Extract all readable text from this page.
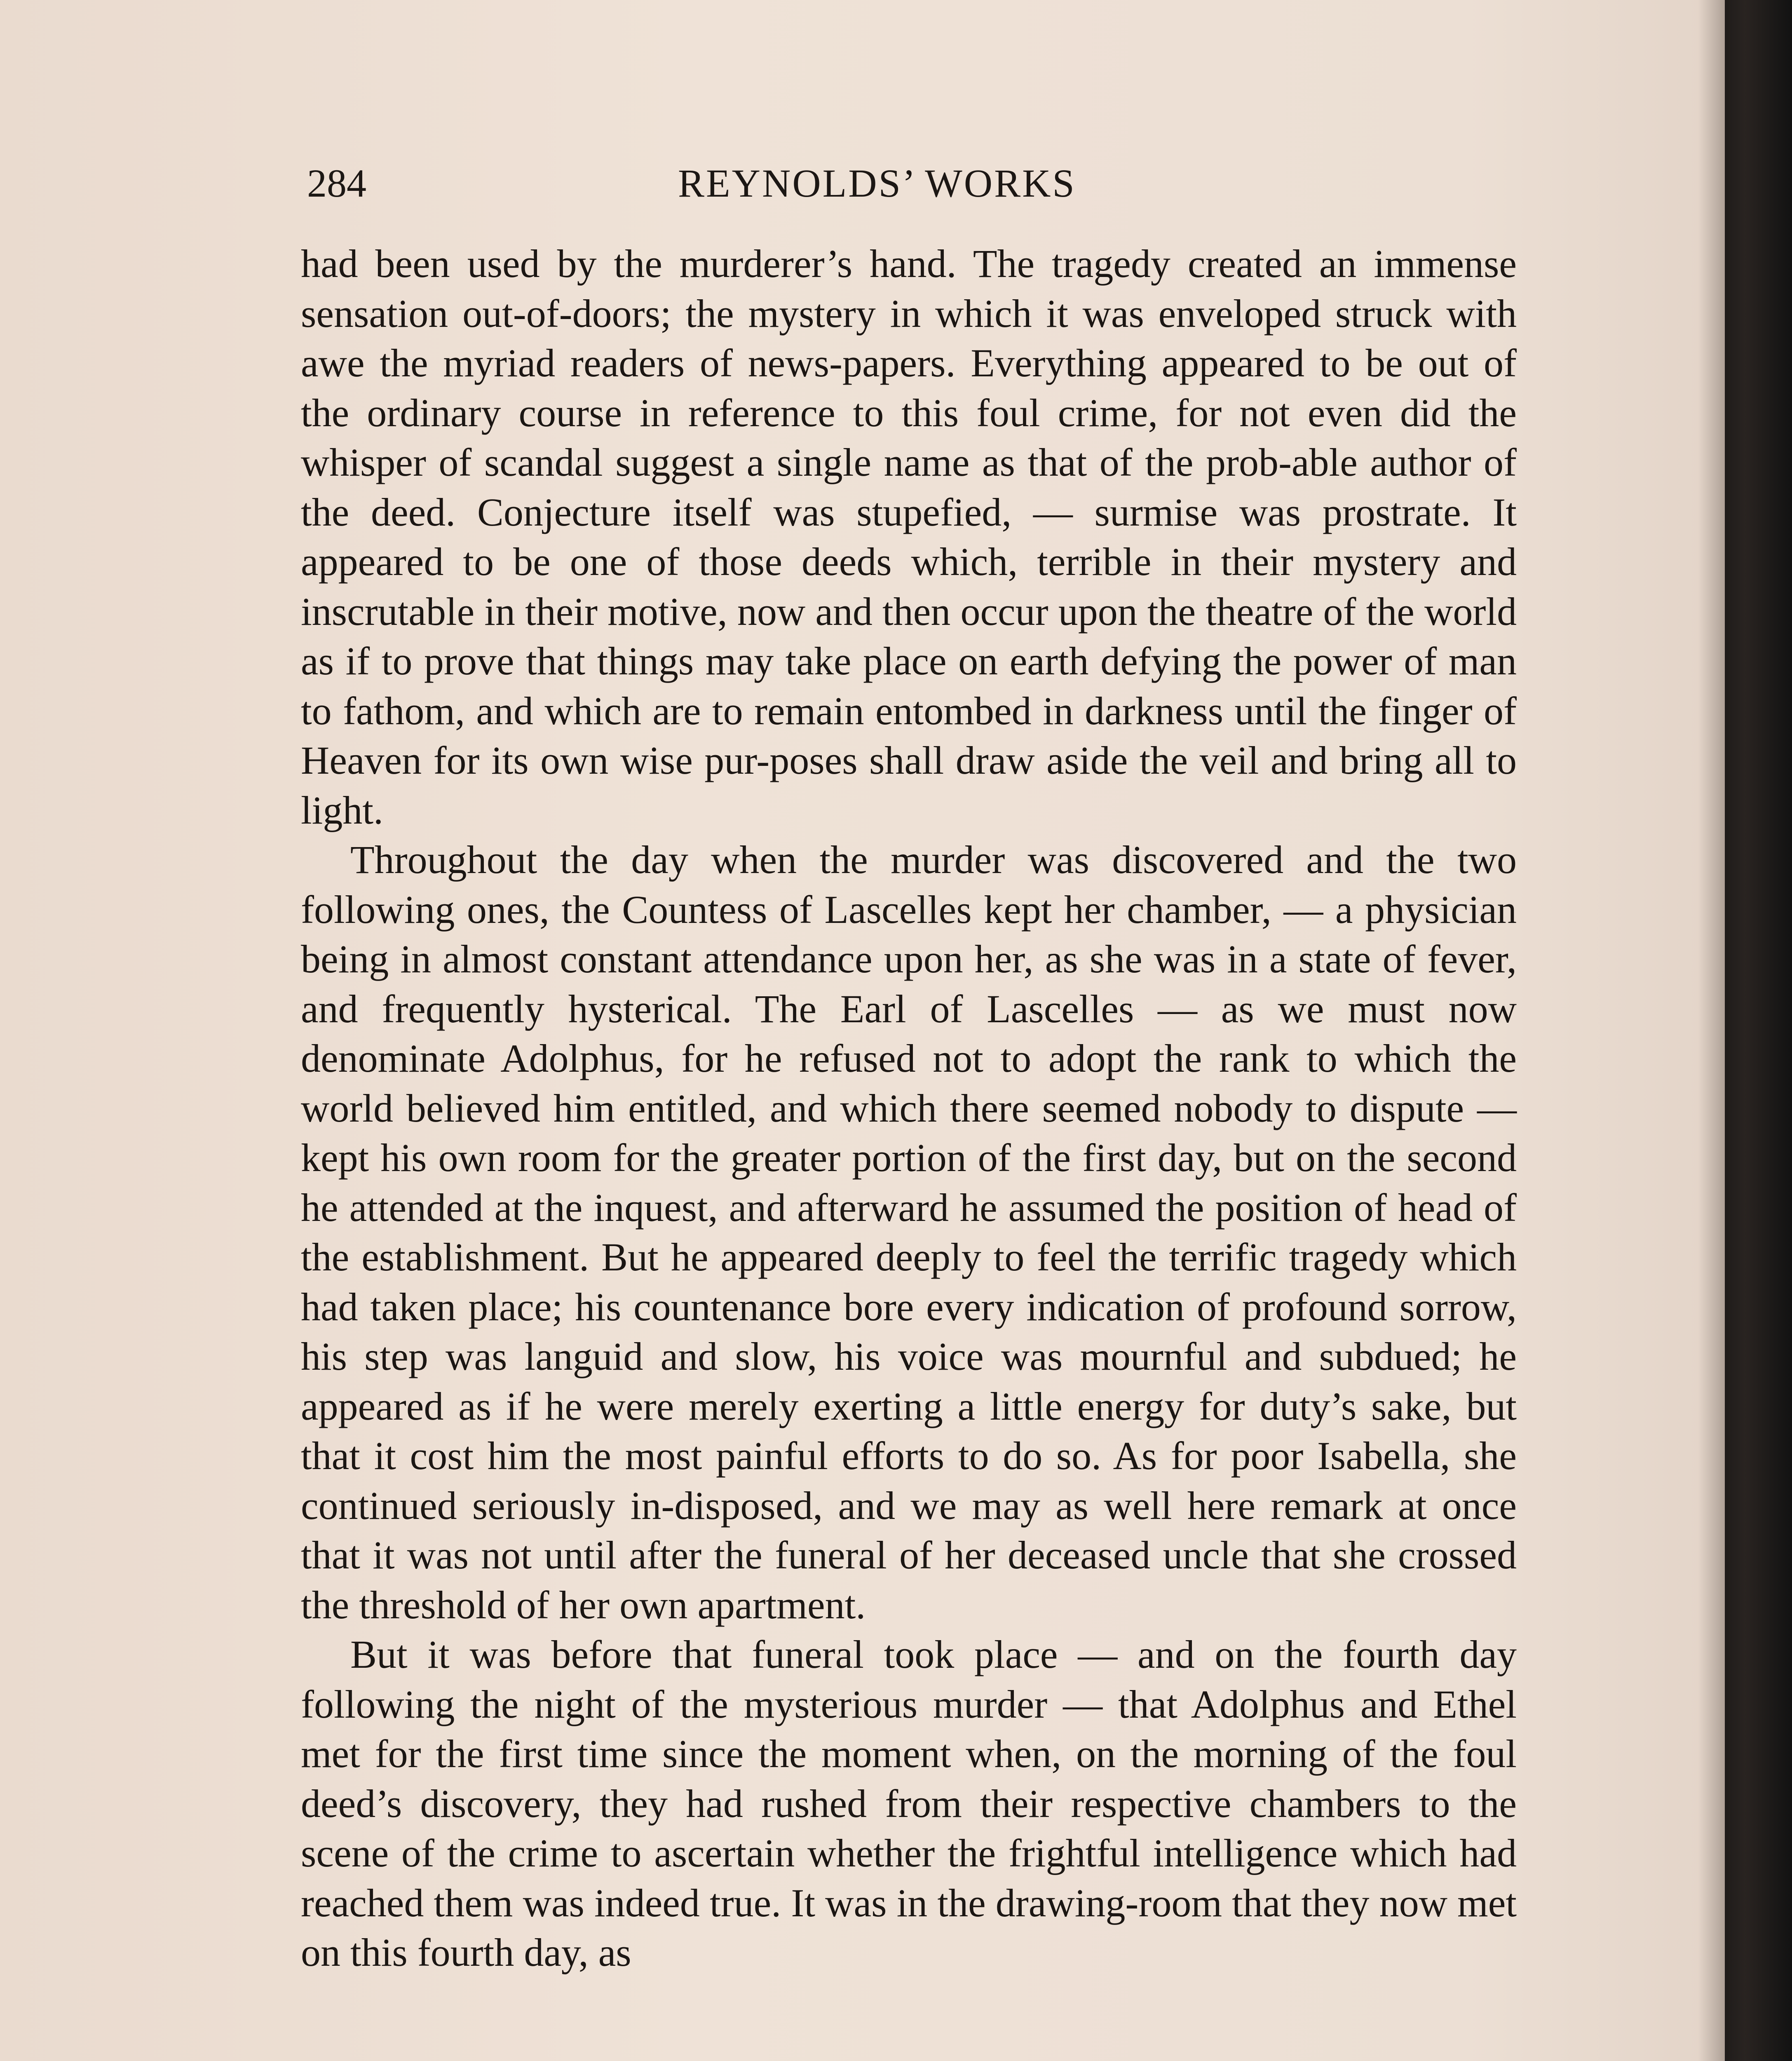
284	REYNOLDS’ WORKS

had been used by the murderer’s hand. The tragedy created an immense sensation out-of-doors; the mystery in which it was enveloped struck with awe the myriad readers of news-papers. Everything appeared to be out of the ordinary course in reference to this foul crime, for not even did the whisper of scandal suggest a single name as that of the prob-able author of the deed. Conjecture itself was stupefied, — surmise was prostrate. It appeared to be one of those deeds which, terrible in their mystery and inscrutable in their motive, now and then occur upon the theatre of the world as if to prove that things may take place on earth defying the power of man to fathom, and which are to remain entombed in darkness until the finger of Heaven for its own wise pur-poses shall draw aside the veil and bring all to light.

Throughout the day when the murder was discovered and the two following ones, the Countess of Lascelles kept her chamber, — a physician being in almost constant attendance upon her, as she was in a state of fever, and frequently hysterical. The Earl of Lascelles — as we must now denominate Adolphus, for he refused not to adopt the rank to which the world believed him entitled, and which there seemed nobody to dispute — kept his own room for the greater portion of the first day, but on the second he attended at the inquest, and afterward he assumed the position of head of the establishment. But he appeared deeply to feel the terrific tragedy which had taken place; his countenance bore every indication of profound sorrow, his step was languid and slow, his voice was mournful and subdued; he appeared as if he were merely exerting a little energy for duty’s sake, but that it cost him the most painful efforts to do so. As for poor Isabella, she continued seriously in-disposed, and we may as well here remark at once that it was not until after the funeral of her deceased uncle that she crossed the threshold of her own apartment.

But it was before that funeral took place — and on the fourth day following the night of the mysterious murder — that Adolphus and Ethel met for the first time since the moment when, on the morning of the foul deed’s discovery, they had rushed from their respective chambers to the scene of the crime to ascertain whether the frightful intelligence which had reached them was indeed true. It was in the drawing-room that they now met on this fourth day, as
